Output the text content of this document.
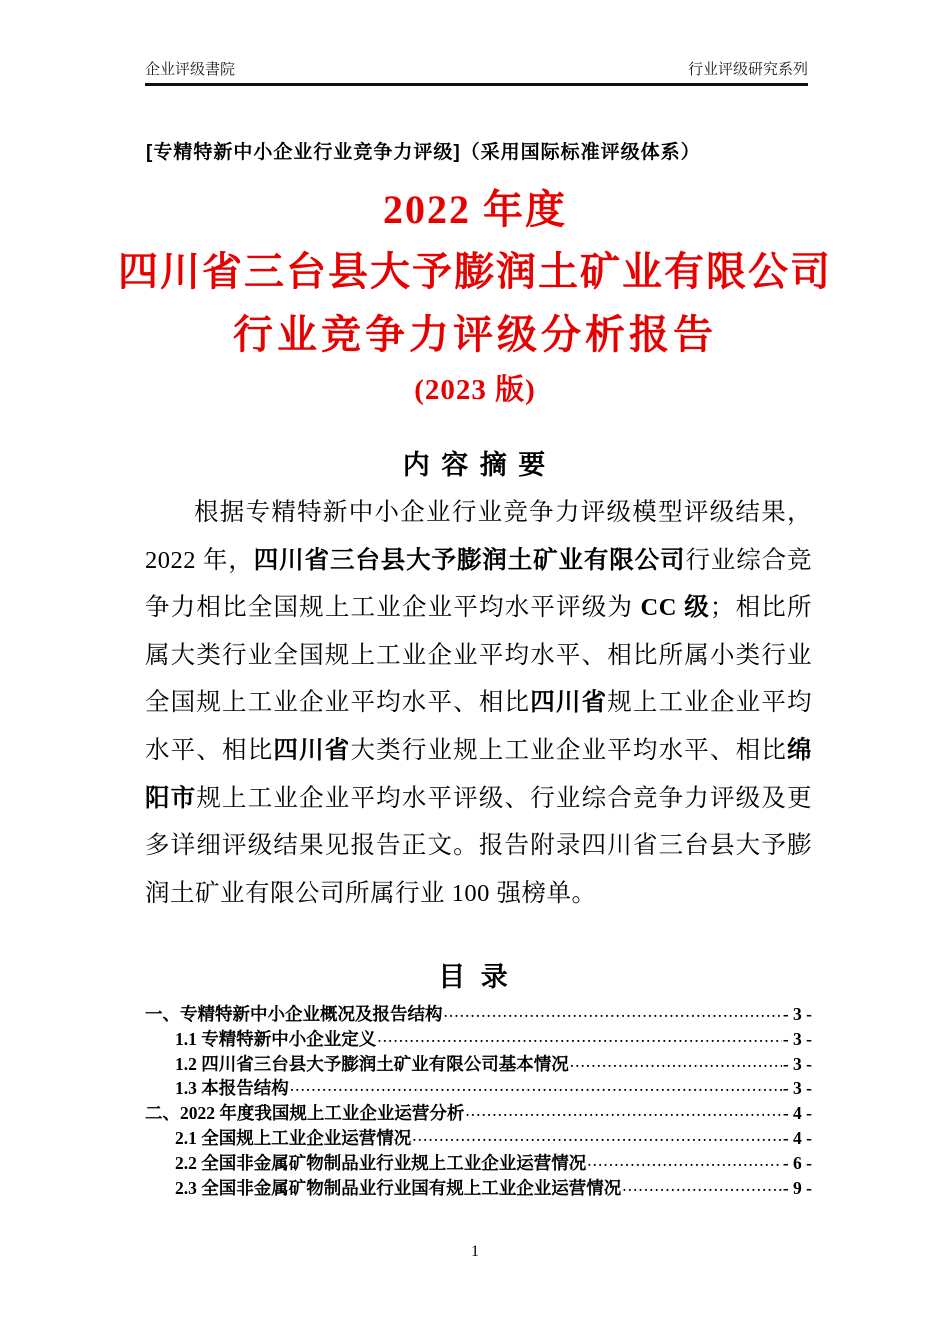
企业评级書院	行业评级研究系列
[专精特新中小企业行业竞争力评级]（采用国际标准评级体系）
2022 年度
四川省三台县大予膨润土矿业有限公司
行业竞争力评级分析报告
(2023 版)
内 容 摘 要
根据专精特新中小企业行业竞争力评级模型评级结果，2022 年，四川省三台县大予膨润土矿业有限公司行业综合竞争力相比全国规上工业企业平均水平评级为 CC 级；相比所属大类行业全国规上工业企业平均水平、相比所属小类行业全国规上工业企业平均水平、相比四川省规上工业企业平均水平、相比四川省大类行业规上工业企业平均水平、相比绵阳市规上工业企业平均水平评级、行业综合竞争力评级及更多详细评级结果见报告正文。报告附录四川省三台县大予膨润土矿业有限公司所属行业 100 强榜单。
目 录
一、专精特新中小企业概况及报告结构 .....	- 3 -
1.1 专精特新中小企业定义 .....	- 3 -
1.2 四川省三台县大予膨润土矿业有限公司基本情况 .....	- 3 -
1.3 本报告结构 .....	- 3 -
二、2022 年度我国规上工业企业运营分析 .....	- 4 -
2.1 全国规上工业企业运营情况 .....	- 4 -
2.2 全国非金属矿物制品业行业规上工业企业运营情况 .....	- 6 -
2.3 全国非金属矿物制品业行业国有规上工业企业运营情况 .....	- 9 -
1
